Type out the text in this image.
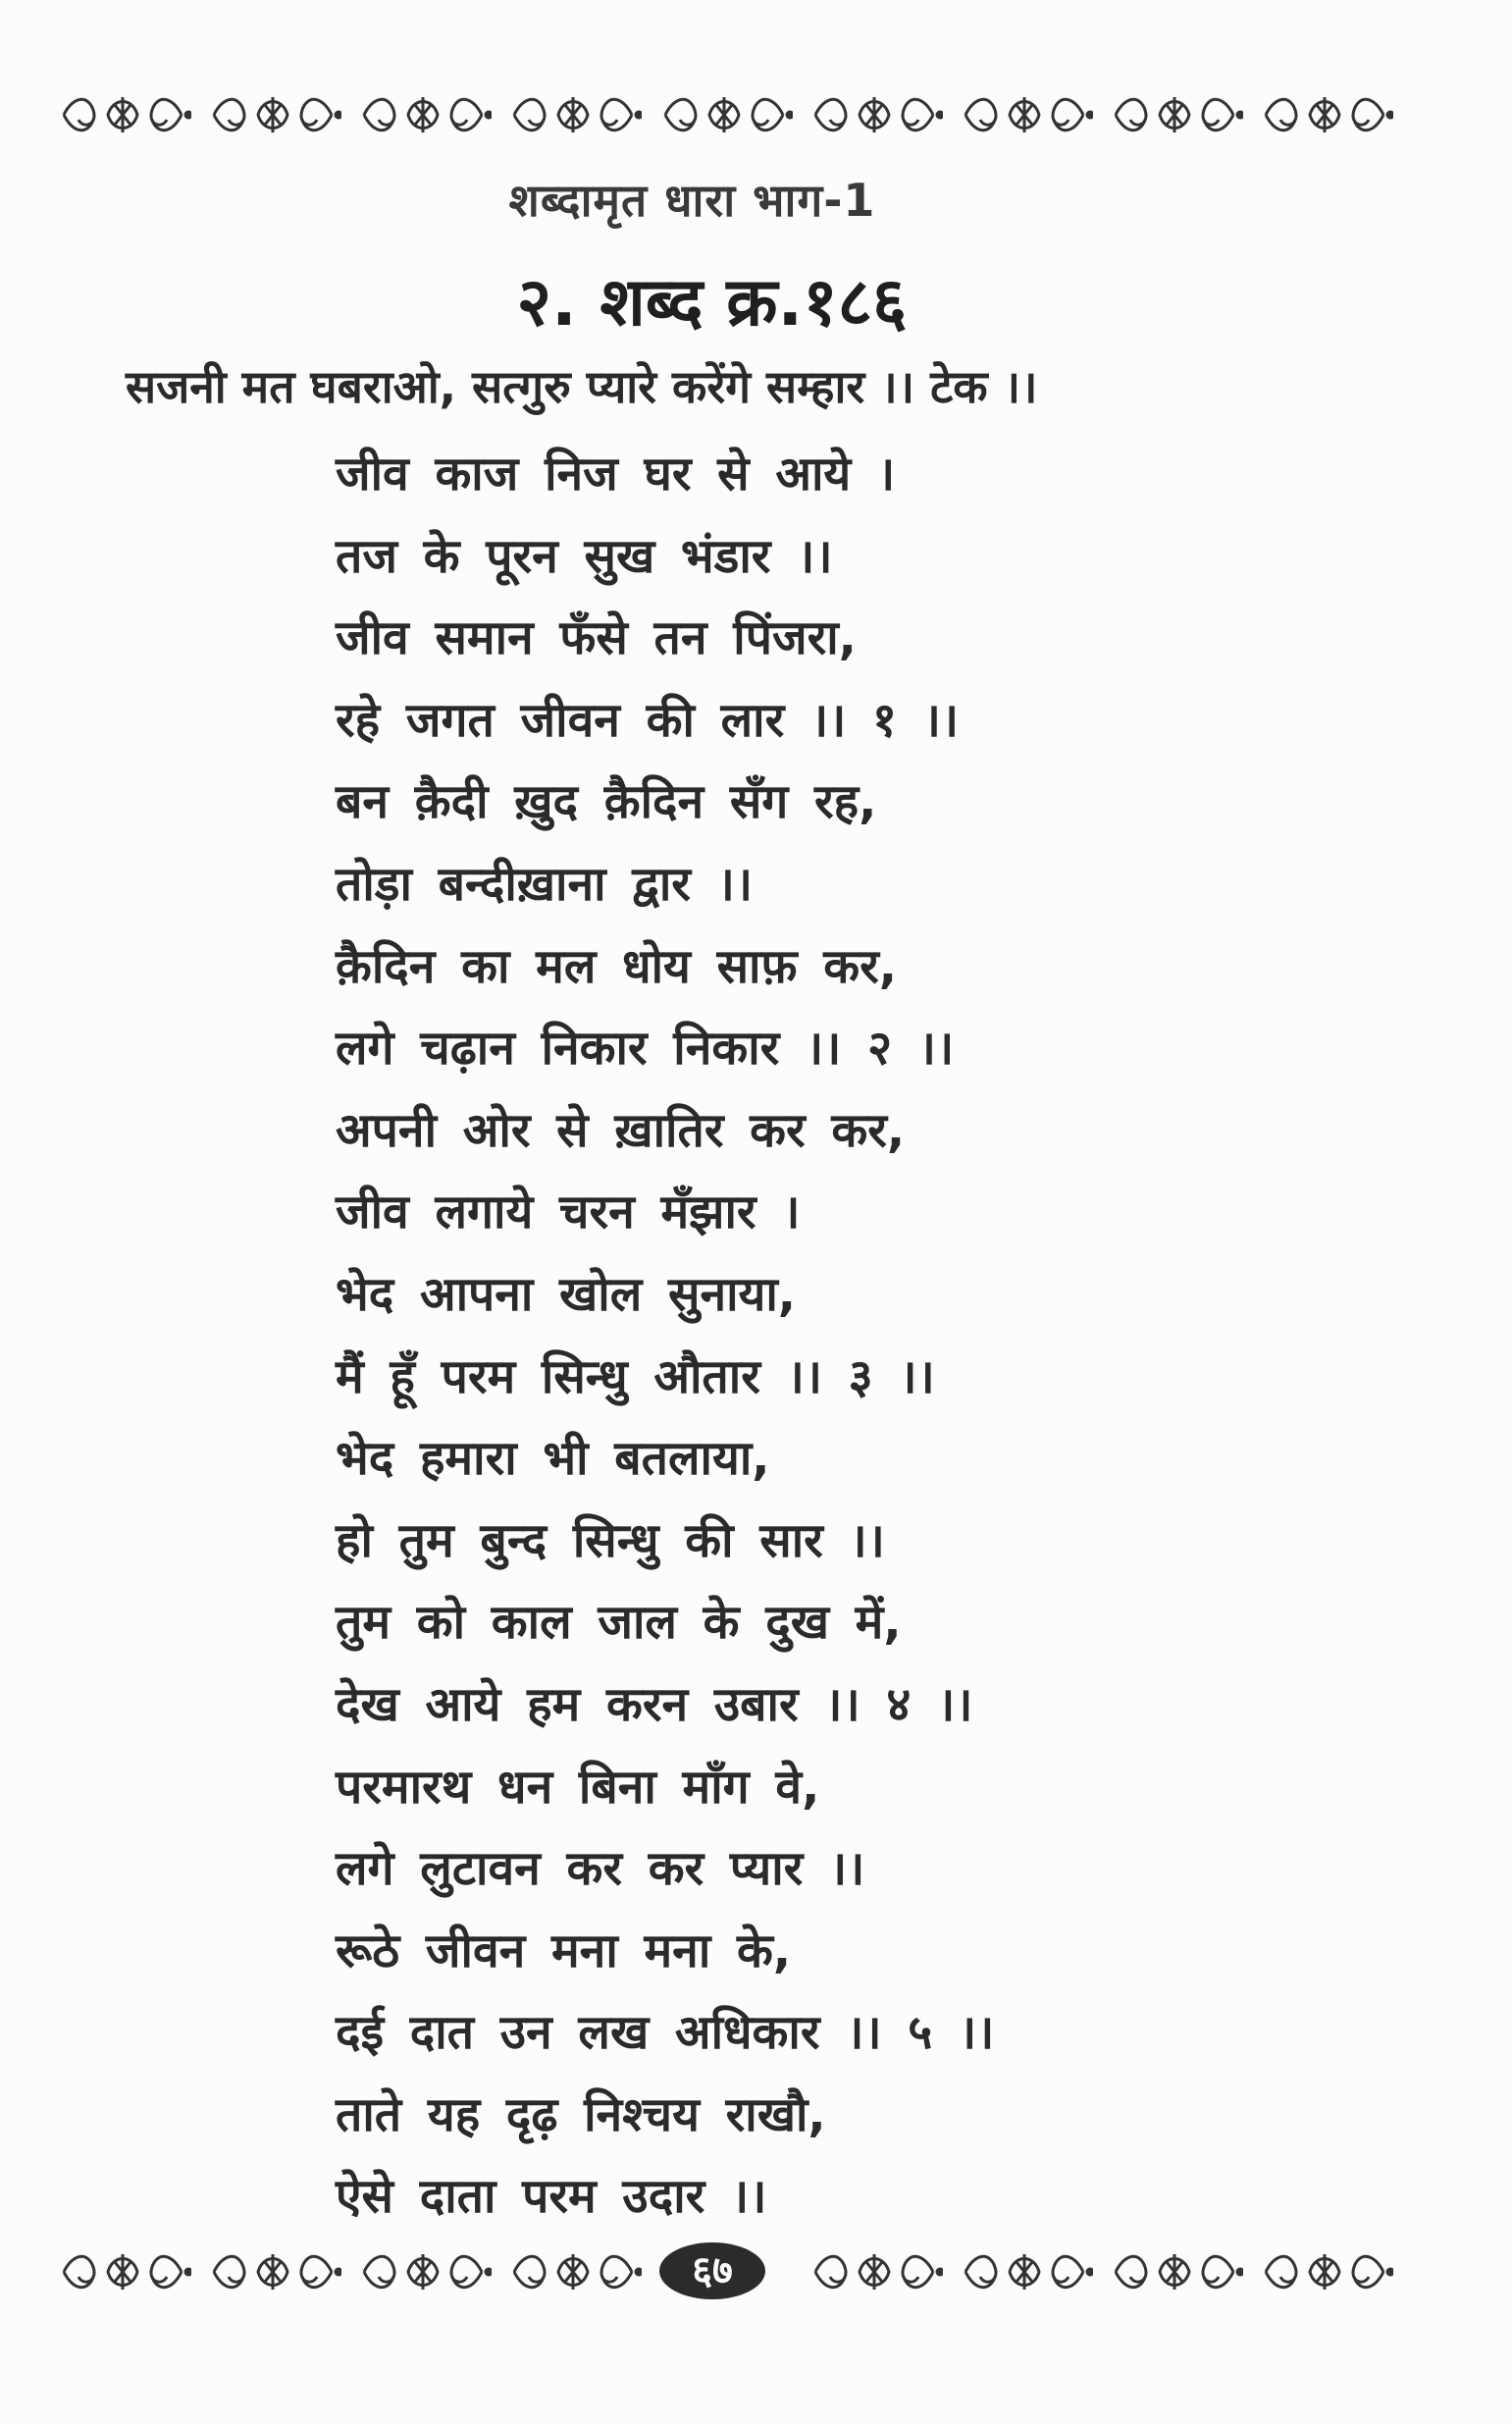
शब्दामृत धारा भाग-1
२. शब्द क्र.१८६
सजनी मत घबराओ, सत्गुरु प्यारे करेंगे सम्हार ।। टेक ।।
जीव काज निज घर से आये ।
तज के पूरन सुख भंडार ।।
जीव समान फँसे तन पिंजरा,
रहे जगत जीवन की लार ।। १ ।।
बन क़ैदी ख़ुद क़ैदिन सँग रह,
तोड़ा बन्दीख़ाना द्वार ।।
क़ैदिन का मल धोय साफ़ कर,
लगे चढ़ान निकार निकार ।। २ ।।
अपनी ओर से ख़ातिर कर कर,
जीव लगाये चरन मँझार ।
भेद आपना खोल सुनाया,
मैं हूँ परम सिन्धु औतार ।। ३ ।।
भेद हमारा भी बतलाया,
हो तुम बुन्द सिन्धु की सार ।।
तुम को काल जाल के दुख में,
देख आये हम करन उबार ।। ४ ।।
परमारथ धन बिना माँग वे,
लगे लुटावन कर कर प्यार ।।
रूठे जीवन मना मना के,
दई दात उन लख अधिकार ।। ५ ।।
ताते यह दृढ़ निश्चय राखौ,
ऐसे दाता परम उदार ।।
६७
